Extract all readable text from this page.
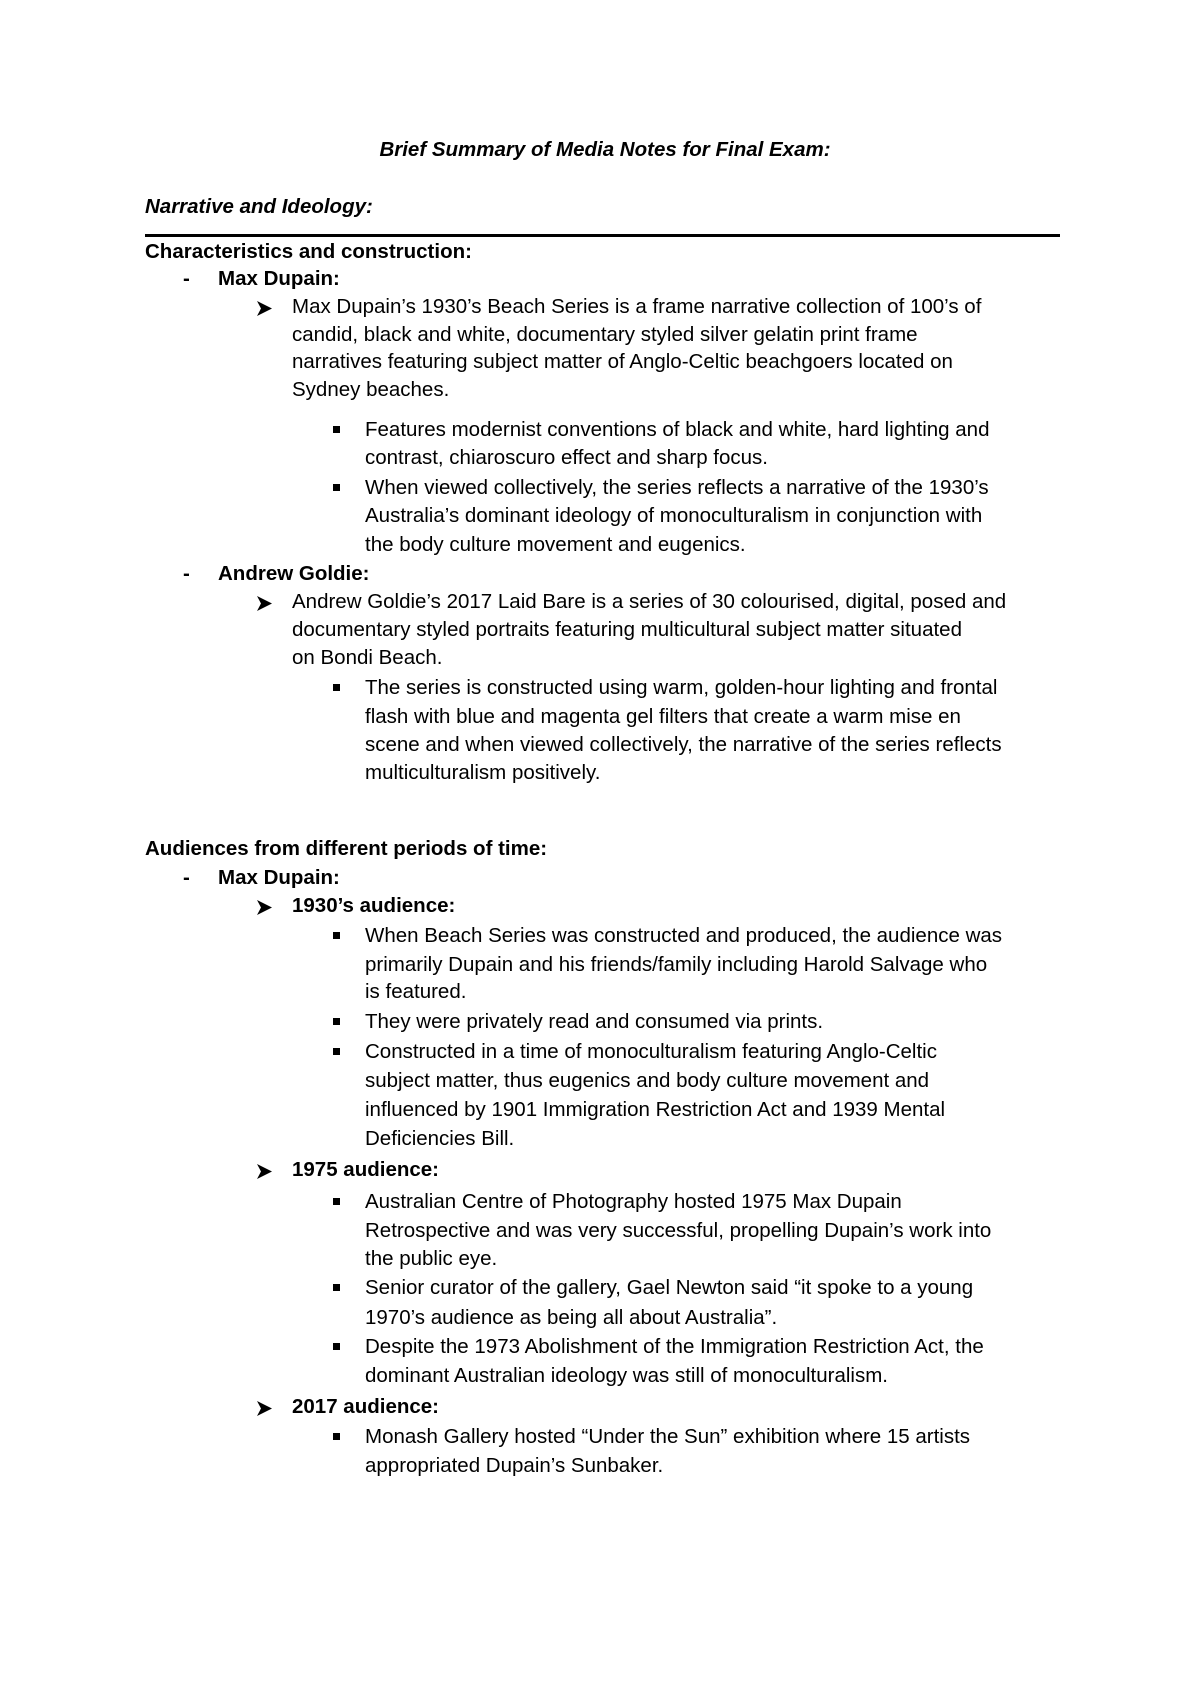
Brief Summary of Media Notes for Final Exam:
Narrative and Ideology:
Characteristics and construction:
- Max Dupain:
Max Dupain’s 1930’s Beach Series is a frame narrative collection of 100’s of
candid, black and white, documentary styled silver gelatin print frame
narratives featuring subject matter of Anglo-Celtic beachgoers located on
Sydney beaches.
Features modernist conventions of black and white, hard lighting and
contrast, chiaroscuro effect and sharp focus.
When viewed collectively, the series reflects a narrative of the 1930’s
Australia’s dominant ideology of monoculturalism in conjunction with
the body culture movement and eugenics.
- Andrew Goldie:
Andrew Goldie’s 2017 Laid Bare is a series of 30 colourised, digital, posed and
documentary styled portraits featuring multicultural subject matter situated
on Bondi Beach.
The series is constructed using warm, golden-hour lighting and frontal
flash with blue and magenta gel filters that create a warm mise en
scene and when viewed collectively, the narrative of the series reflects
multiculturalism positively.
Audiences from different periods of time:
- Max Dupain:
1930’s audience:
When Beach Series was constructed and produced, the audience was
primarily Dupain and his friends/family including Harold Salvage who
is featured.
They were privately read and consumed via prints.
Constructed in a time of monoculturalism featuring Anglo-Celtic
subject matter, thus eugenics and body culture movement and
influenced by 1901 Immigration Restriction Act and 1939 Mental
Deficiencies Bill.
1975 audience:
Australian Centre of Photography hosted 1975 Max Dupain
Retrospective and was very successful, propelling Dupain’s work into
the public eye.
Senior curator of the gallery, Gael Newton said “it spoke to a young
1970’s audience as being all about Australia”.
Despite the 1973 Abolishment of the Immigration Restriction Act, the
dominant Australian ideology was still of monoculturalism.
2017 audience:
Monash Gallery hosted “Under the Sun” exhibition where 15 artists
appropriated Dupain’s Sunbaker.
